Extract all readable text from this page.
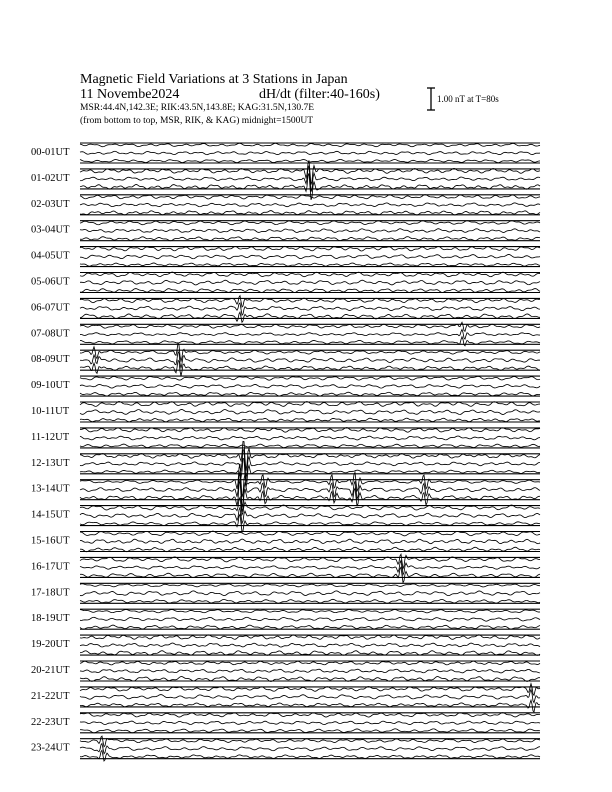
Magnetic Field Variations at 3 Stations in Japan
11 Novembe2024	dH/dt (filter:40-160s)
MSR:44.4N,142.3E; RIK:43.5N,143.8E; KAG:31.5N,130.7E
(from bottom to top, MSR, RIK, & KAG) midnight=1500UT
1.00 nT at T=80s
00-01UT
01-02UT
02-03UT
03-04UT
04-05UT
05-06UT
06-07UT
07-08UT
08-09UT
09-10UT
10-11UT
11-12UT
12-13UT
13-14UT
14-15UT
15-16UT
16-17UT
17-18UT
18-19UT
19-20UT
20-21UT
21-22UT
22-23UT
23-24UT
